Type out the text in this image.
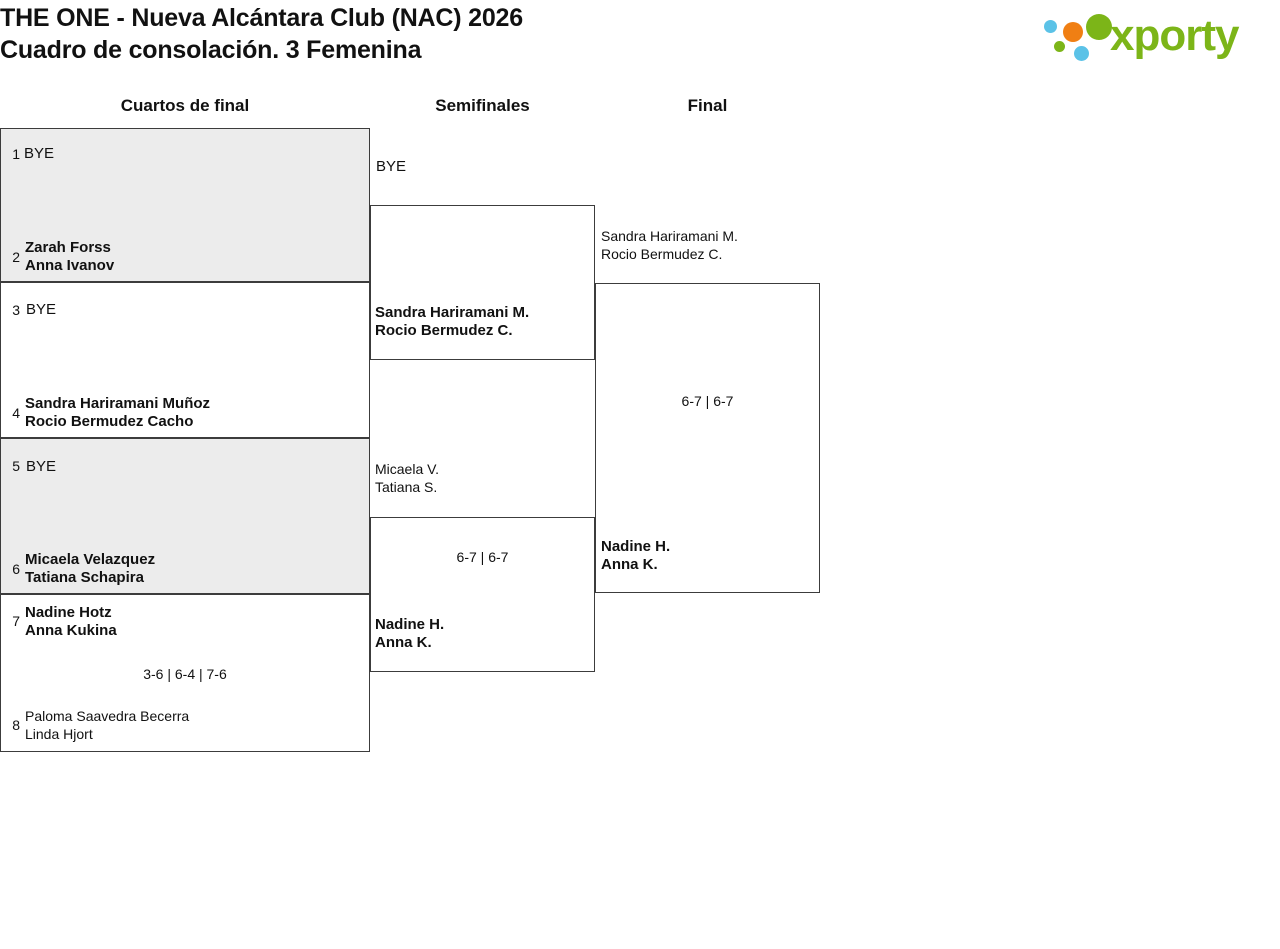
THE ONE - Nueva Alcántara Club (NAC) 2026
Cuadro de consolación. 3 Femenina	xporty
Cuartos de final	Semifinales	Final
1 BYE
2
Zarah Forss
Anna Ivanov
3 BYE
4
Sandra Hariramani Muñoz
Rocio Bermudez Cacho
5 BYE
6
Micaela Velazquez
Tatiana Schapira
7 Nadine Hotz
Anna Kukina
3-6 | 6-4 | 7-6
8
Paloma Saavedra Becerra
Linda Hjort
BYE
Sandra Hariramani M.
Rocio Bermudez C.
Micaela V.
Tatiana S.
6-7 | 6-7
Nadine H.
Anna K.
Sandra Hariramani M.
Rocio Bermudez C.
6-7 | 6-7
Nadine H.
Anna K.
